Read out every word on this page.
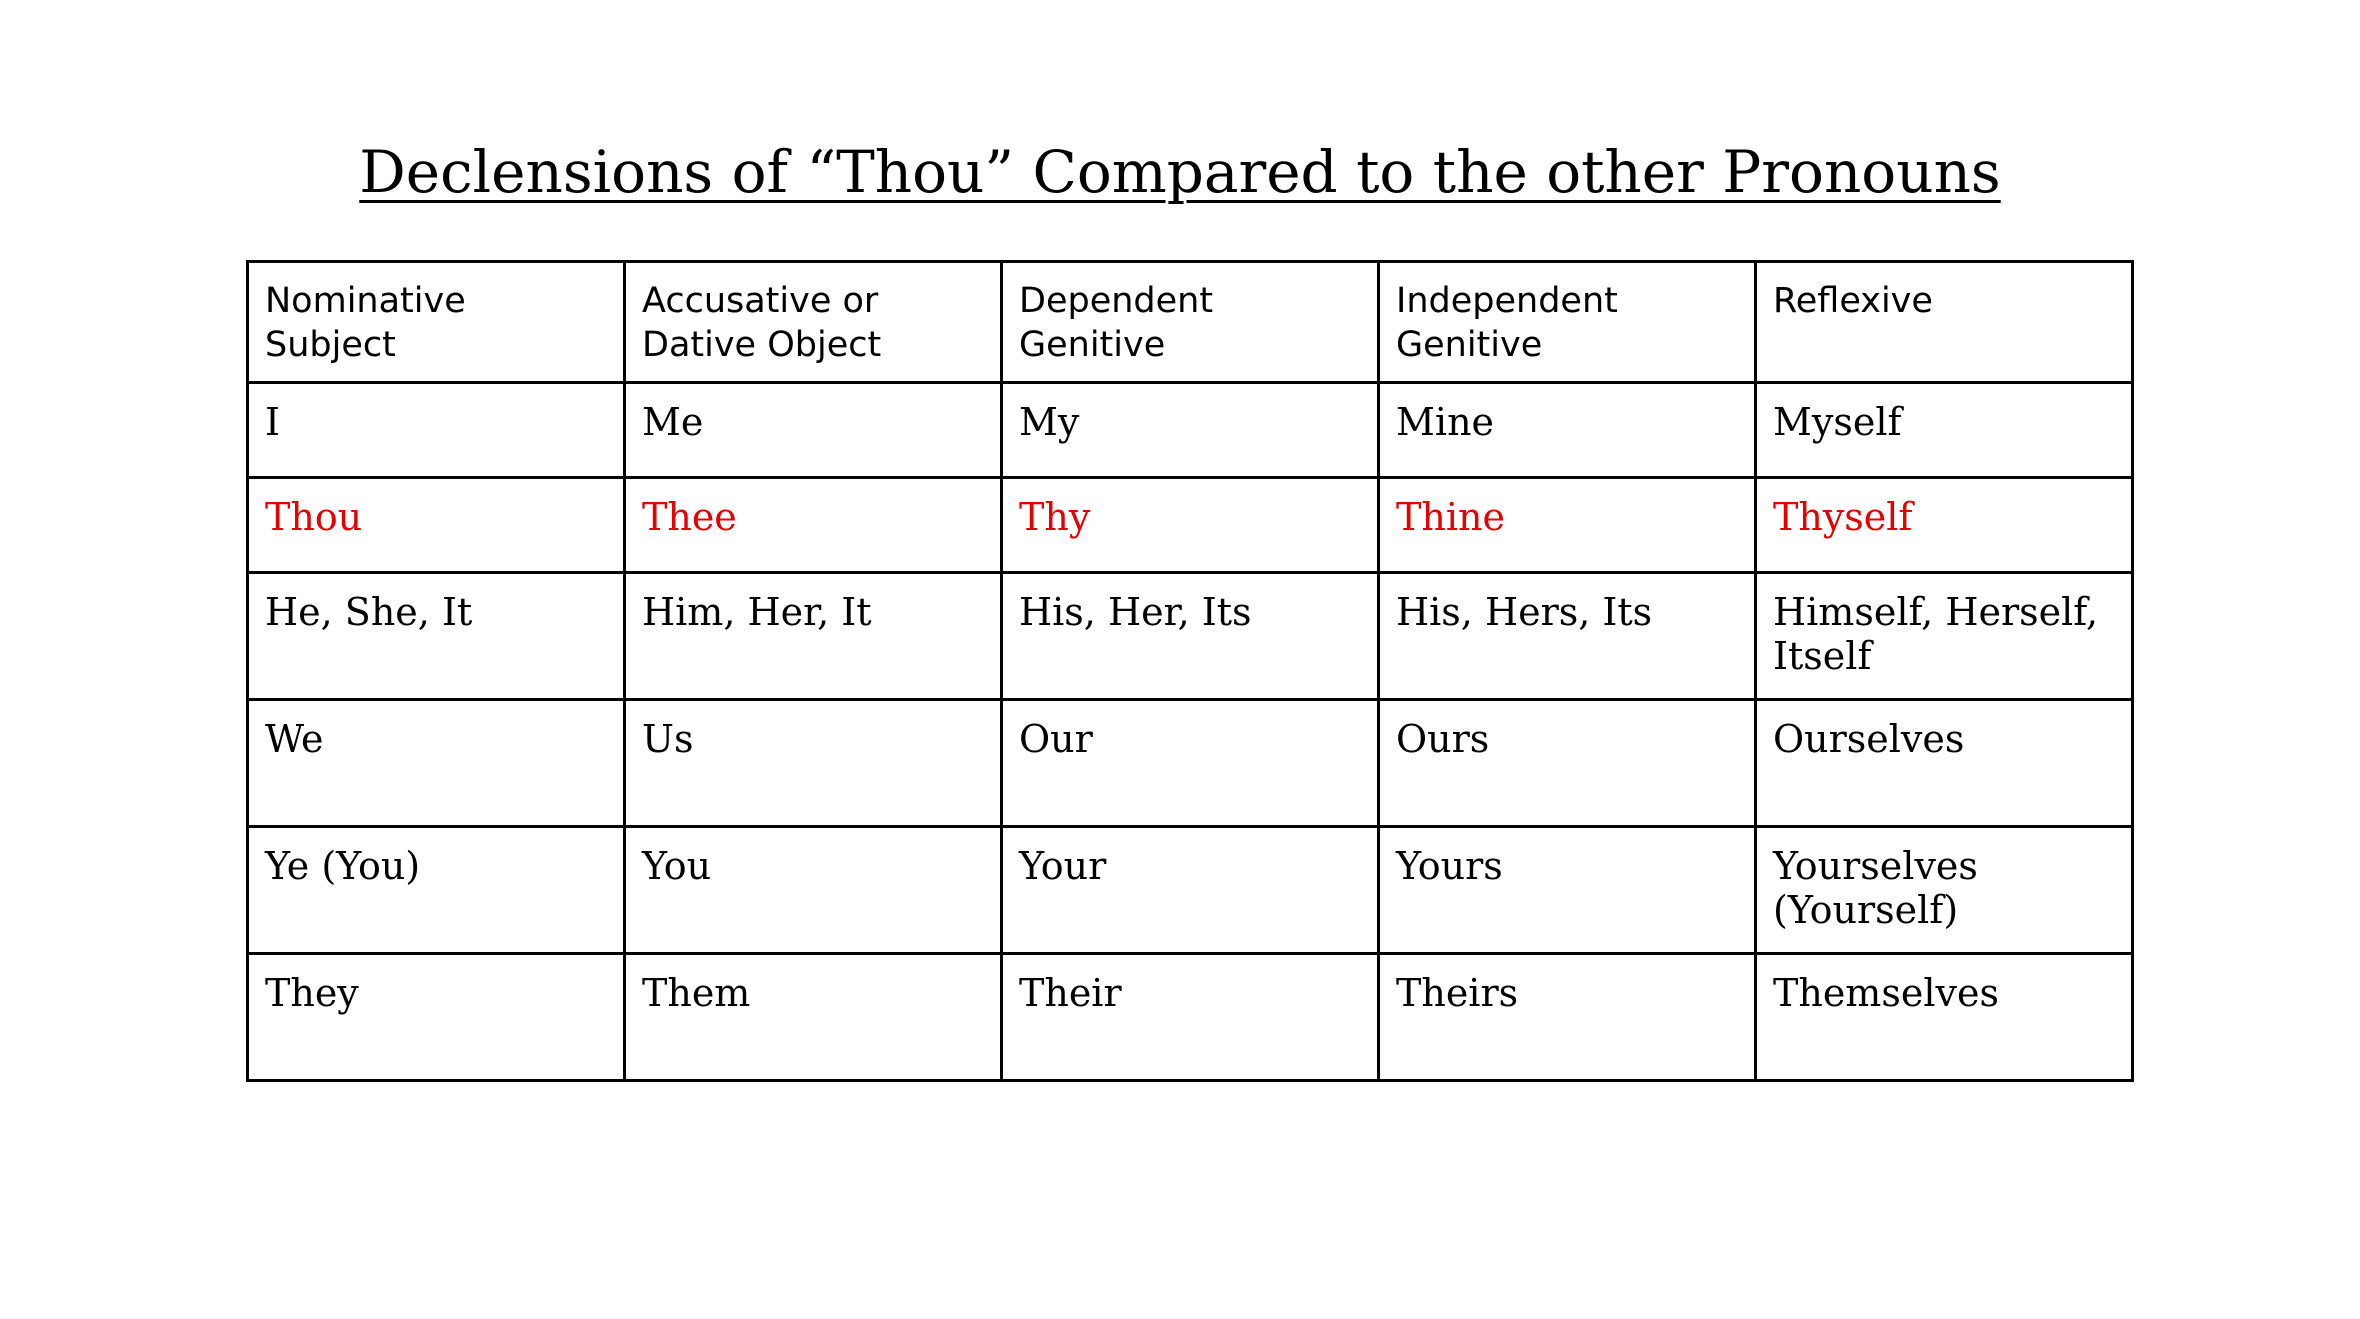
Declensions of “Thou” Compared to the other Pronouns
Nominative Subject	Accusative or Dative Object	Dependent Genitive	Independent Genitive	Reflexive
I	Me	My	Mine	Myself
Thou	Thee	Thy	Thine	Thyself
He, She, It	Him, Her, It	His, Her, Its	His, Hers, Its	Himself, Herself, Itself
We	Us	Our	Ours	Ourselves
Ye (You)	You	Your	Yours	Yourselves (Yourself)
They	Them	Their	Theirs	Themselves
